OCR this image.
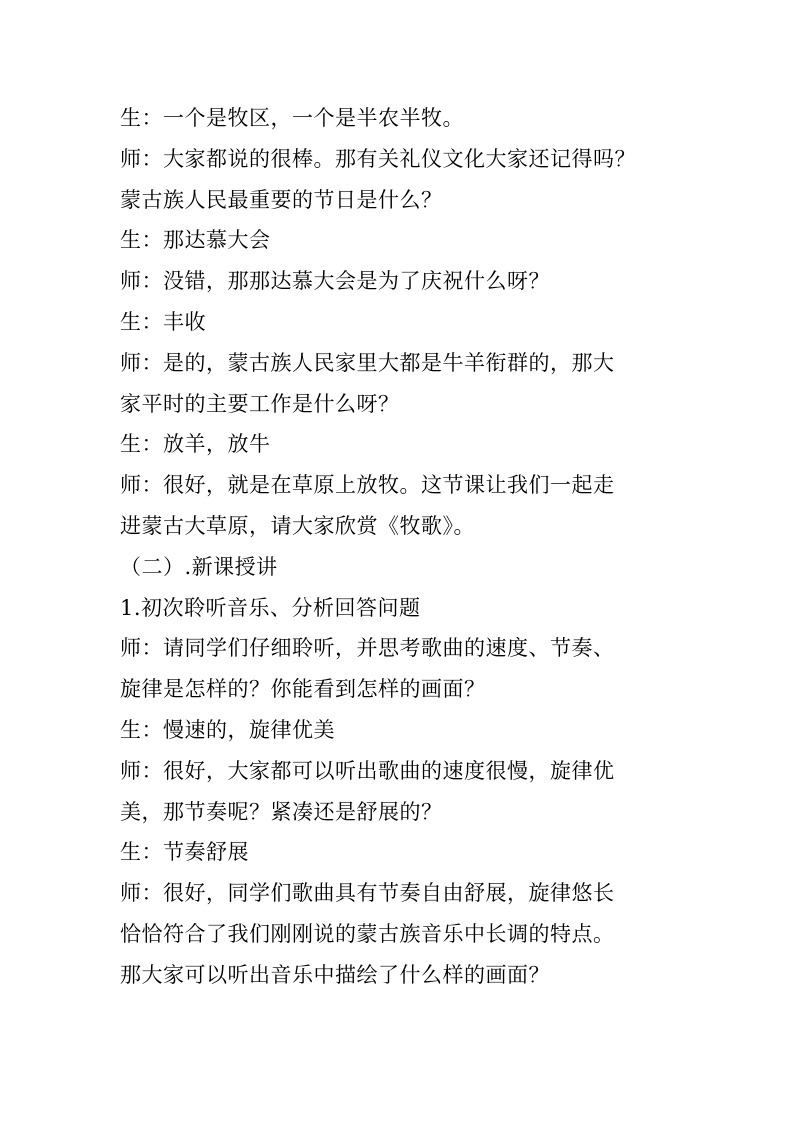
生：一个是牧区，一个是半农半牧。
师：大家都说的很棒。那有关礼仪文化大家还记得吗？
蒙古族人民最重要的节日是什么？
生：那达慕大会
师：没错，那那达慕大会是为了庆祝什么呀？
生：丰收
师：是的，蒙古族人民家里大都是牛羊衔群的，那大
家平时的主要工作是什么呀？
生：放羊，放牛
师：很好，就是在草原上放牧。这节课让我们一起走
进蒙古大草原，请大家欣赏《牧歌》。
（二）.新课授讲
1.初次聆听音乐、分析回答问题
师：请同学们仔细聆听，并思考歌曲的速度、节奏、
旋律是怎样的？你能看到怎样的画面？
生：慢速的，旋律优美
师：很好，大家都可以听出歌曲的速度很慢，旋律优
美，那节奏呢？紧凑还是舒展的？
生：节奏舒展
师：很好，同学们歌曲具有节奏自由舒展，旋律悠长
恰恰符合了我们刚刚说的蒙古族音乐中长调的特点。
那大家可以听出音乐中描绘了什么样的画面？
